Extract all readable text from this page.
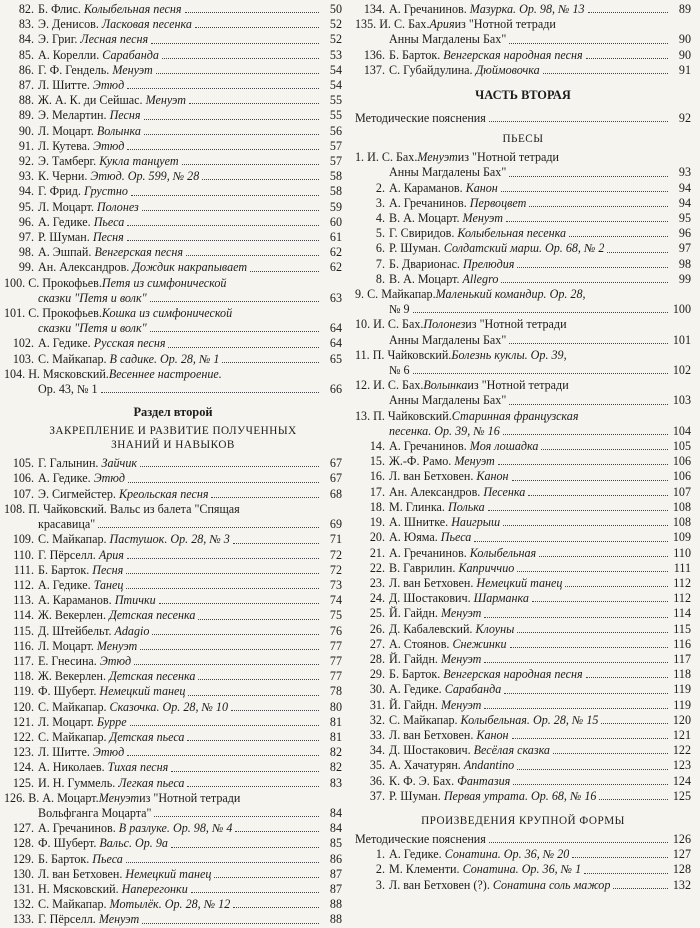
82. Б. Флис. Колыбельная песня	50
83. Э. Денисов. Ласковая песенка	52
84. Э. Григ. Лесная песня	52
85. А. Корелли. Сарабанда	53
86. Г. Ф. Гендель. Менуэт	54
87. Л. Шитте. Этюд	54
88. Ж. А. К. ди Сейшас. Менуэт	55
89. Э. Мелартин. Песня	55
90. Л. Моцарт. Волынка	56
91. Л. Кутева. Этюд	57
92. Э. Тамберг. Кукла танцует	57
93. К. Черни. Этюд. Ор. 599, № 28	58
94. Г. Фрид. Грустно	58
95. Л. Моцарт. Полонез	59
96. А. Гедике. Пьеса	60
97. Р. Шуман. Песня	61
98. А. Эшпай. Венгерская песня	62
99. Ан. Александров. Дождик накрапывает	62
100. С. Прокофьев. Петя из симфонической
сказки "Петя и волк"	63
101. С. Прокофьев. Кошка из симфонической
сказки "Петя и волк"	64
102. А. Гедике. Русская песня	64
103. С. Майкапар. В садике. Ор. 28, № 1	65
104. Н. Мясковский. Весеннее настроение.
Ор. 43, № 1	66
Раздел второй
ЗАКРЕПЛЕНИЕ И РАЗВИТИЕ ПОЛУЧЕННЫХ
ЗНАНИЙ И НАВЫКОВ
105. Г. Галынин. Зайчик	67
106. А. Гедике. Этюд	67
107. Э. Сигмейстер. Креольская песня	68
108. П. Чайковский. Вальс из балета "Спящая
красавица"	69
109. С. Майкапар. Пастушок. Ор. 28, № 3	71
110. Г. Пёрселл. Ария	72
111. Б. Барток. Песня	72
112. А. Гедике. Танец	73
113. А. Караманов. Птички	74
114. Ж. Векерлен. Детская песенка	75
115. Д. Штейбельт. Adagio	76
116. Л. Моцарт. Менуэт	77
117. Е. Гнесина. Этюд	77
118. Ж. Векерлен. Детская песенка	77
119. Ф. Шуберт. Немецкий танец	78
120. С. Майкапар. Сказочка. Ор. 28, № 10	80
121. Л. Моцарт. Бурре	81
122. С. Майкапар. Детская пьеса	81
123. Л. Шитте. Этюд	82
124. А. Николаев. Тихая песня	82
125. И. Н. Гуммель. Легкая пьеса	83
126. В. А. Моцарт. Менуэт из "Нотной тетради
Вольфганга Моцарта"	84
127. А. Гречанинов. В разлуке. Ор. 98, № 4	84
128. Ф. Шуберт. Вальс. Ор. 9а	85
129. Б. Барток. Пьеса	86
130. Л. ван Бетховен. Немецкий танец	87
131. Н. Мясковский. Наперегонки	87
132. С. Майкапар. Мотылёк. Ор. 28, № 12	88
133. Г. Пёрселл. Менуэт	88
134. А. Гречанинов. Мазурка. Ор. 98, № 13	89
135. И. С. Бах. Ария из "Нотной тетради
Анны Магдалены Бах"	90
136. Б. Барток. Венгерская народная песня	90
137. С. Губайдулина. Дюймовочка	91
ЧАСТЬ ВТОРАЯ
Методические пояснения	92
ПЬЕСЫ
1. И. С. Бах. Менуэт из "Нотной тетради
Анны Магдалены Бах"	93
2. А. Караманов. Канон	94
3. А. Гречанинов. Первоцвет	94
4. В. А. Моцарт. Менуэт	95
5. Г. Свиридов. Колыбельная песенка	96
6. Р. Шуман. Солдатский марш. Ор. 68, № 2	97
7. Б. Дварионас. Прелюдия	98
8. В. А. Моцарт. Allegro	99
9. С. Майкапар. Маленький командир. Ор. 28,
№ 9	100
10. И. С. Бах. Полонез из "Нотной тетради
Анны Магдалены Бах"	101
11. П. Чайковский. Болезнь куклы. Ор. 39,
№ 6	102
12. И. С. Бах. Волынка из "Нотной тетради
Анны Магдалены Бах"	103
13. П. Чайковский. Старинная французская
песенка. Ор. 39, № 16	104
14. А. Гречанинов. Моя лошадка	105
15. Ж.-Ф. Рамо. Менуэт	106
16. Л. ван Бетховен. Канон	106
17. Ан. Александров. Песенка	107
18. М. Глинка. Полька	108
19. А. Шнитке. Наигрыш	108
20. А. Юяма. Пьеса	109
21. А. Гречанинов. Колыбельная	110
22. В. Гаврилин. Каприччио	111
23. Л. ван Бетховен. Немецкий танец	112
24. Д. Шостакович. Шарманка	112
25. Й. Гайдн. Менуэт	114
26. Д. Кабалевский. Клоуны	115
27. А. Стоянов. Снежинки	116
28. Й. Гайдн. Менуэт	117
29. Б. Барток. Венгерская народная песня	118
30. А. Гедике. Сарабанда	119
31. Й. Гайдн. Менуэт	119
32. С. Майкапар. Колыбельная. Ор. 28, № 15	120
33. Л. ван Бетховен. Канон	121
34. Д. Шостакович. Весёлая сказка	122
35. А. Хачатурян. Andantino	123
36. К. Ф. Э. Бах. Фантазия	124
37. Р. Шуман. Первая утрата. Ор. 68, № 16	125
ПРОИЗВЕДЕНИЯ КРУПНОЙ ФОРМЫ
Методические пояснения	126
1. А. Гедике. Сонатина. Ор. 36, № 20	127
2. М. Клементи. Сонатина. Ор. 36, № 1	128
3. Л. ван Бетховен (?). Сонатина соль мажор	132
